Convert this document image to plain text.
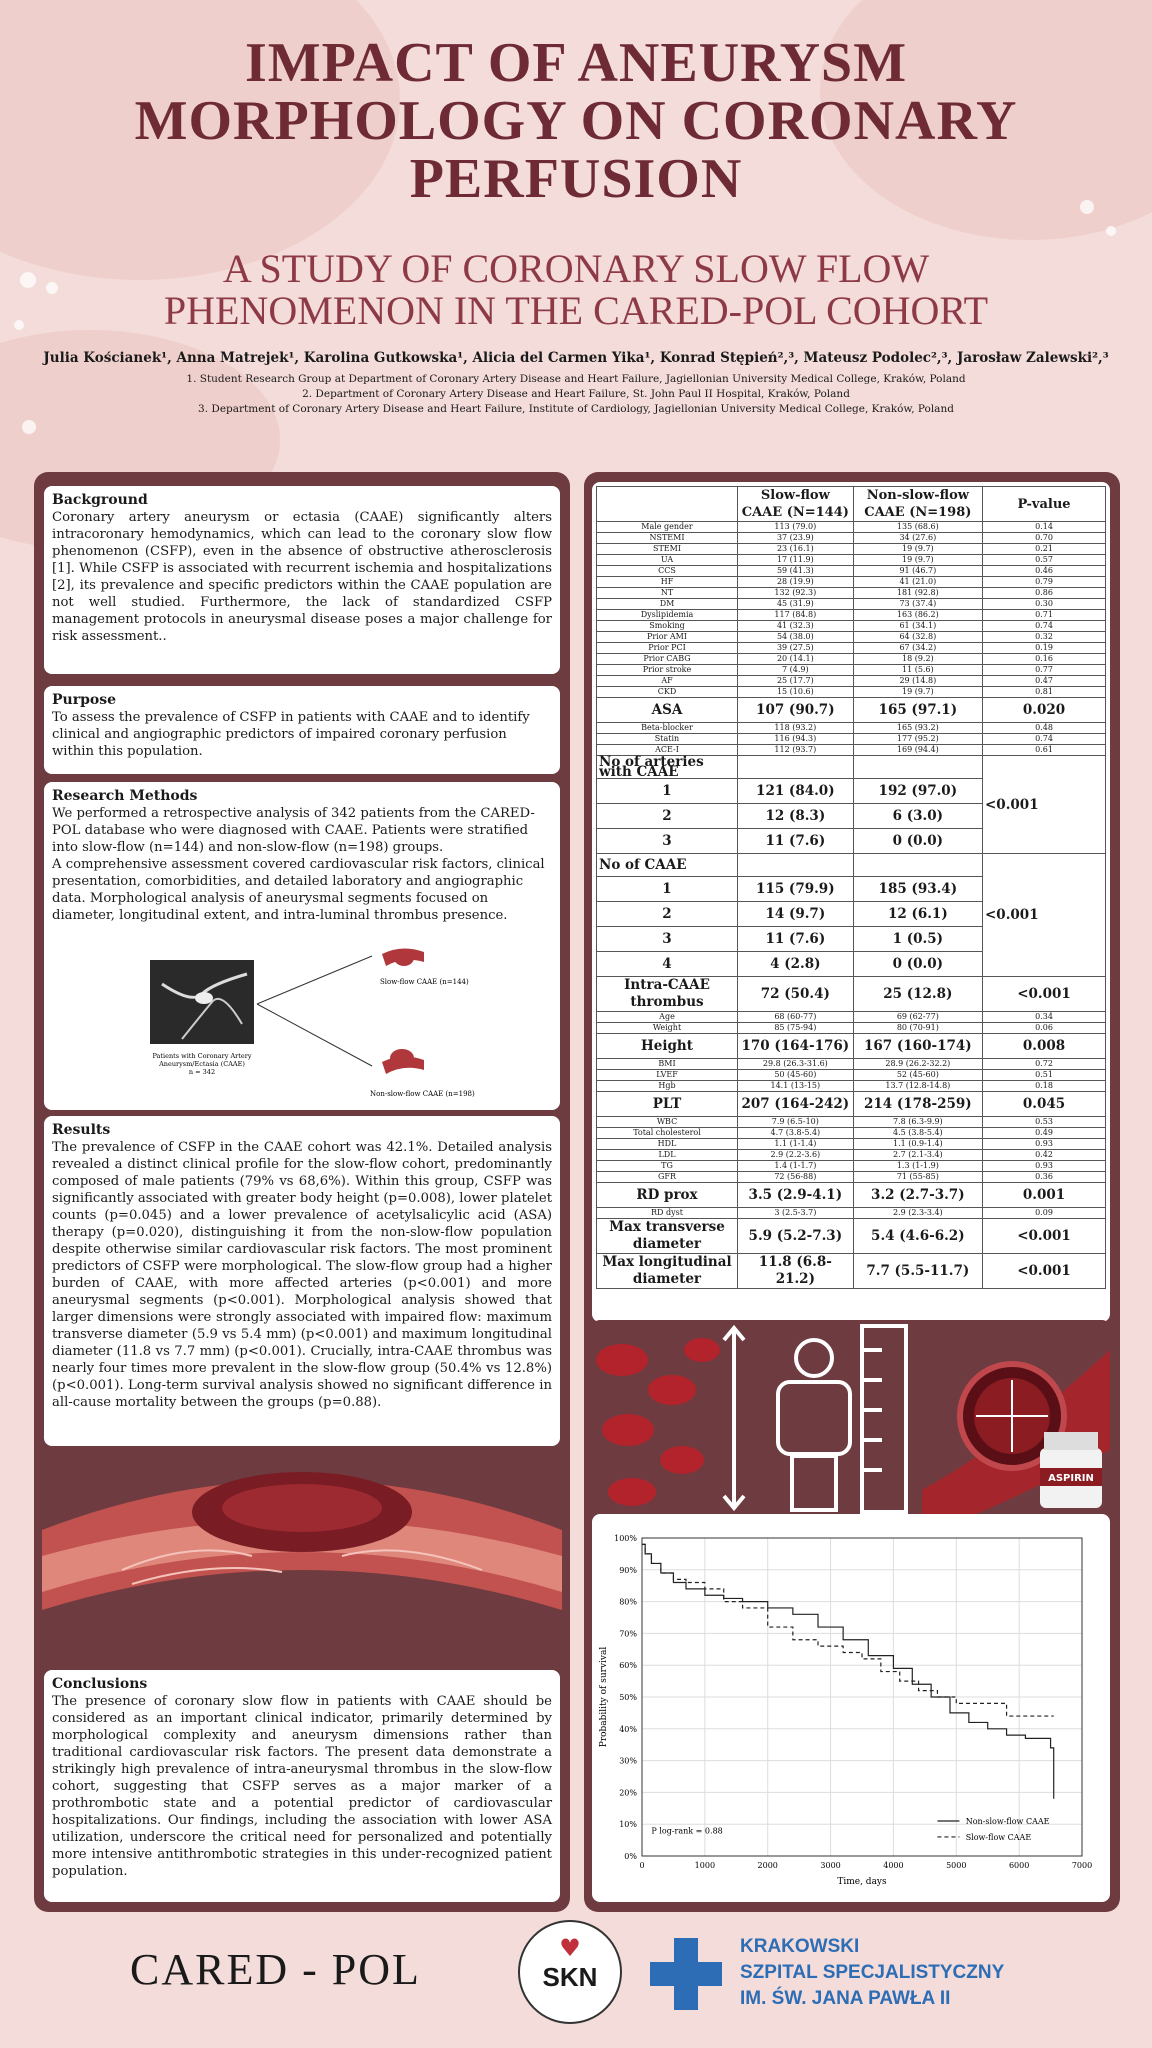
IMPACT OF ANEURYSM
MORPHOLOGY ON CORONARY
PERFUSION
A STUDY OF CORONARY SLOW FLOW
PHENOMENON IN THE CARED-POL COHORT
Julia Kościanek¹, Anna Matrejek¹, Karolina Gutkowska¹, Alicia del Carmen Yika¹, Konrad Stępień²,³, Mateusz Podolec²,³, Jarosław Zalewski²,³
1. Student Research Group at Department of Coronary Artery Disease and Heart Failure, Jagiellonian University Medical College, Kraków, Poland
2. Department of Coronary Artery Disease and Heart Failure, St. John Paul II Hospital, Kraków, Poland
3. Department of Coronary Artery Disease and Heart Failure, Institute of Cardiology, Jagiellonian University Medical College, Kraków, Poland
Background

Coronary artery aneurysm or ectasia (CAAE) significantly alters intracoronary hemodynamics, which can lead to the coronary slow flow phenomenon (CSFP), even in the absence of obstructive atherosclerosis [1]. While CSFP is associated with recurrent ischemia and hospitalizations [2], its prevalence and specific predictors within the CAAE population are not well studied. Furthermore, the lack of standardized CSFP management protocols in aneurysmal disease poses a major challenge for risk assessment..

Purpose

To assess the prevalence of CSFP in patients with CAAE and to identify clinical and angiographic predictors of impaired coronary perfusion within this population.

Research Methods

We performed a retrospective analysis of 342 patients from the CARED-POL database who were diagnosed with CAAE. Patients were stratified into slow-flow (n=144) and non-slow-flow (n=198) groups.

A comprehensive assessment covered cardiovascular risk factors, clinical presentation, comorbidities, and detailed laboratory and angiographic data. Morphological analysis of aneurysmal segments focused on diameter, longitudinal extent, and intra-luminal thrombus presence.

Slow-flow CAAE (n=144)
Non-slow-flow CAAE (n=198)
Patients with Coronary Artery
Aneurysm/Ectasia (CAAE)
n = 342
Results

The prevalence of CSFP in the CAAE cohort was 42.1%. Detailed analysis revealed a distinct clinical profile for the slow-flow cohort, predominantly composed of male patients (79% vs 68,6%). Within this group, CSFP was significantly associated with greater body height (p=0.008), lower platelet counts (p=0.045) and a lower prevalence of acetylsalicylic acid (ASA) therapy (p=0.020), distinguishing it from the non-slow-flow population despite otherwise similar cardiovascular risk factors. The most prominent predictors of CSFP were morphological. The slow-flow group had a higher burden of CAAE, with more affected arteries (p<0.001) and more aneurysmal segments (p<0.001). Morphological analysis showed that larger dimensions were strongly associated with impaired flow: maximum transverse diameter (5.9 vs 5.4 mm) (p<0.001) and maximum longitudinal diameter (11.8 vs 7.7 mm) (p<0.001). Crucially, intra-CAAE thrombus was nearly four times more prevalent in the slow-flow group (50.4% vs 12.8%) (p<0.001). Long-term survival analysis showed no significant difference in all-cause mortality between the groups (p=0.88).

Conclusions

The presence of coronary slow flow in patients with CAAE should be considered as an important clinical indicator, primarily determined by morphological complexity and aneurysm dimensions rather than traditional cardiovascular risk factors. The present data demonstrate a strikingly high prevalence of intra-aneurysmal thrombus in the slow-flow cohort, suggesting that CSFP serves as a major marker of a prothrombotic state and a potential predictor of cardiovascular hospitalizations. Our findings, including the association with lower ASA utilization, underscore the critical need for personalized and potentially more intensive antithrombotic strategies in this under-recognized patient population.

	Slow-flow CAAE (N=144)	Non-slow-flow CAAE (N=198)	P-value
Male gender	113 (79.0)	135 (68.6)	0.14
NSTEMI	37 (23.9)	34 (27.6)	0.70
STEMI	23 (16.1)	19 (9.7)	0.21
UA	17 (11.9)	19 (9.7)	0.57
CCS	59 (41.3)	91 (46.7)	0.46
HF	28 (19.9)	41 (21.0)	0.79
NT	132 (92.3)	181 (92.8)	0.86
DM	45 (31.9)	73 (37.4)	0.30
Dyslipidemia	117 (84.8)	163 (86.2)	0.71
Smoking	41 (32.3)	61 (34.1)	0.74
Prior AMI	54 (38.0)	64 (32.8)	0.32
Prior PCI	39 (27.5)	67 (34.2)	0.19
Prior CABG	20 (14.1)	18 (9.2)	0.16
Prior stroke	7 (4.9)	11 (5.6)	0.77
AF	25 (17.7)	29 (14.8)	0.47
CKD	15 (10.6)	19 (9.7)	0.81
ASA	107 (90.7)	165 (97.1)	0.020
Beta-blocker	118 (93.2)	165 (93.2)	0.48
Statin	116 (94.3)	177 (95.2)	0.74
ACE-I	112 (93.7)	169 (94.4)	0.61
No of arteries with CAAE			<0.001
1	121 (84.0)	192 (97.0)	
2	12 (8.3)	6 (3.0)	
3	11 (7.6)	0 (0.0)	
No of CAAE			<0.001
1	115 (79.9)	185 (93.4)	
2	14 (9.7)	12 (6.1)	
3	11 (7.6)	1 (0.5)	
4	4 (2.8)	0 (0.0)	
Intra-CAAE thrombus	72 (50.4)	25 (12.8)	<0.001
Age	68 (60-77)	69 (62-77)	0.34
Weight	85 (75-94)	80 (70-91)	0.06
Height	170 (164-176)	167 (160-174)	0.008
BMI	29.8 (26.3-31.6)	28.9 (26.2-32.2)	0.72
LVEF	50 (45-60)	52 (45-60)	0.51
Hgb	14.1 (13-15)	13.7 (12.8-14.8)	0.18
PLT	207 (164-242)	214 (178-259)	0.045
WBC	7.9 (6.5-10)	7.8 (6.3-9.9)	0.53
Total cholesterol	4.7 (3.8-5.4)	4.5 (3.8-5.4)	0.49
HDL	1.1 (1-1.4)	1.1 (0.9-1.4)	0.93
LDL	2.9 (2.2-3.6)	2.7 (2.1-3.4)	0.42
TG	1.4 (1-1.7)	1.3 (1-1.9)	0.93
GFR	72 (56-88)	71 (55-85)	0.36
RD prox	3.5 (2.9-4.1)	3.2 (2.7-3.7)	0.001
RD dyst	3 (2.5-3.7)	2.9 (2.3-3.4)	0.09
Max transverse diameter	5.9 (5.2-7.3)	5.4 (4.6-6.2)	<0.001
Max longitudinal diameter	11.8 (6.8-21.2)	7.7 (5.5-11.7)	<0.001
ASPIRIN
0%
10%
20%
30%
40%
50%
60%
70%
80%
90%
100%
0	1000	2000	3000	4000	5000	6000	7000
Time, days
Probability of survival
P log-rank = 0.88
Non-slow-flow CAAE
Slow-flow CAAE
CARED - POL	♥
SKN
KRAKOWSKI
SZPITAL SPECJALISTYCZNY
IM. ŚW. JANA PAWŁA II
